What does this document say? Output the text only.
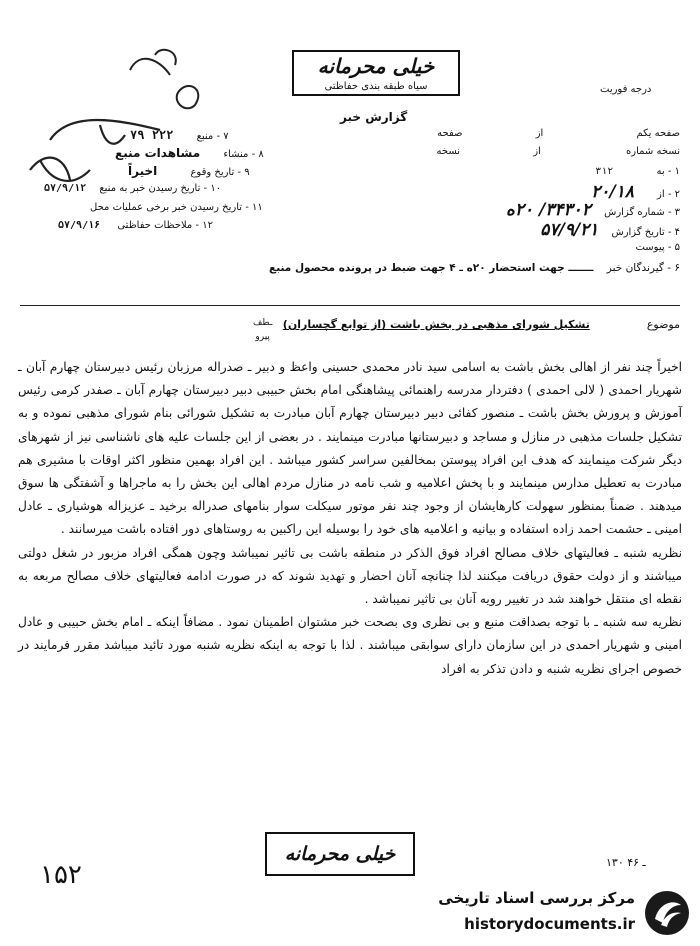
خیلی محرمانه
سیاه طبقه بندی حفاظتی	درجه فوریت
گزارش خبر
صفحه یکم از صفحه
نسخه شماره از نسخه
۱ - به ۳۱۲
۲ - از ۲۰/۱۸
۳ - شماره گزارش ۳۴۳۰۲/ ۲۰ه
۴ - تاریخ گزارش ۵۷/۹/۲۱
۵ - پیوست
۶ - گیرندگان خبر ـــــــ جهت استحضار ۲۰ه ـ ۴ جهت ضبط در پرونده محصول منبع
۷ - منبع ۲۲۲ ۷۹
۸ - منشاء مشاهدات منبع
۹ - تاریخ وقوع اخیراً
۱۰ - تاریخ رسیدن خبر به منبع ۵۷/۹/۱۲
۱۱ - تاریخ رسیدن خبر برخی عملیات محل
۱۲ - ملاحظات حفاظتی ۵۷/۹/۱۶
ـطف
پیرو
موضوع  تشکیل شورای مذهبی در بخش باشت (از توابع گچساران)
اخیراً چند نفر از اهالی بخش باشت به اسامی سید نادر محمدی حسینی واعظ و دبیر ـ صدراله مرزبان رئیس دبیرستان چهارم آبان ـ شهریار احمدی ( لالی احمدی ) دفتردار مدرسه راهنمائی پیشاهنگی امام بخش حبیبی دبیر دبیرستان چهارم آبان ـ صفدر کرمی رئیس آموزش و پرورش بخش باشت ـ منصور کفائی دبیر دبیرستان چهارم آبان مبادرت به تشکیل شورائی بنام شورای مذهبی نموده و به تشکیل جلسات مذهبی در منازل و مساجد و دبیرستانها مبادرت مینمایند . در بعضی از این جلسات علیه های ناشناسی نیز از شهرهای دیگر شرکت مینمایند که هدف این افراد پیوستن بمخالفین سراسر کشور میباشد . این افراد بهمین منظور اکثر اوقات با مشیری هم مبادرت به تعطیل مدارس مینمایند و با پخش اعلامیه و شب نامه در منازل مردم اهالی این بخش را به ماجراها و آشفتگی ها سوق میدهند . ضمناً بمنظور سهولت کارهایشان از وجود چند نفر موتور سیکلت سوار بنامهای صدراله برخید ـ عزیزاله هوشیاری ـ عادل امینی ـ حشمت احمد زاده استفاده و بیانیه و اعلامیه های خود را بوسیله این راکبین به روستاهای دور افتاده باشت میرسانند .
نظریه شنبه ـ فعالیتهای خلاف مصالح افراد فوق الذکر در منطقه باشت بی تاثیر نمیباشد وچون همگی افراد مزبور در شغل دولتی میباشند و از دولت حقوق دریافت میکنند لذا چنانچه آنان احضار و تهدید شوند که در صورت ادامه فعالیتهای خلاف مصالح مربعه به نقطه ای منتقل خواهند شد در تغییر رویه آنان بی تاثیر نمیباشد .
نظریه سه شنبه ـ با توجه بصداقت منبع و بی نظری وی بصحت خبر مشتوان اطمینان نمود . مضافاً اینکه ـ امام بخش حبیبی و عادل امینی و شهریار احمدی در این سازمان دارای سوابقی میباشند . لذا با توجه به اینکه نظریه شنبه مورد تائید میباشد مقرر فرمایند در خصوص اجرای نظریه شنبه و دادن تذکر به افراد
خیلی محرمانه
۱۵۲	۱۳۰ ـ ۴۶
مرکز بررسی اسناد تاریخی
historydocuments.ir
